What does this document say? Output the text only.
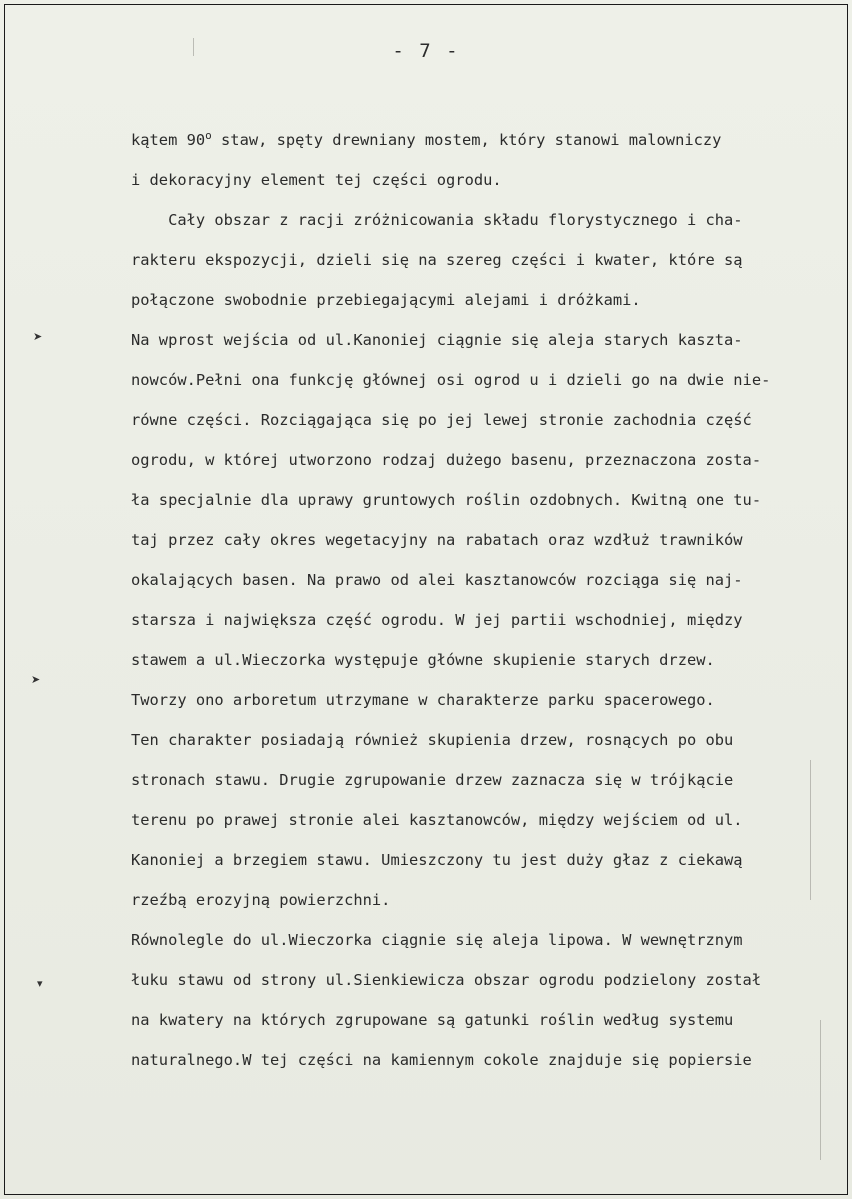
- 7 -
➤
➤
▾
kątem 90$^o$ staw, spęty drewniany mostem, który stanowi malowniczy
i dekoracyjny element tej części ogrodu.
Cały obszar z racji zróżnicowania składu florystycznego i cha-
rakteru ekspozycji, dzieli się na szereg części i kwater, które są
połączone swobodnie przebiegającymi alejami i dróżkami.
Na wprost wejścia od ul.Kanoniej ciągnie się aleja starych kaszta-
nowców.Pełni ona funkcję głównej osi ogrod u i dzieli go na dwie nie-
równe części. Rozciągająca się po jej lewej stronie zachodnia część
ogrodu, w której utworzono rodzaj dużego basenu, przeznaczona zosta-
ła specjalnie dla uprawy gruntowych roślin ozdobnych. Kwitną one tu-
taj przez cały okres wegetacyjny na rabatach oraz wzdłuż trawników
okalających basen. Na prawo od alei kasztanowców rozciąga się naj-
starsza i największa część ogrodu. W jej partii wschodniej, między
stawem a ul.Wieczorka występuje główne skupienie starych drzew.
Tworzy ono arboretum utrzymane w charakterze parku spacerowego.
Ten charakter posiadają również skupienia drzew, rosnących po obu
stronach stawu. Drugie zgrupowanie drzew zaznacza się w trójkącie
terenu po prawej stronie alei kasztanowców, między wejściem od ul.
Kanoniej a brzegiem stawu. Umieszczony tu jest duży głaz z ciekawą
rzeźbą erozyjną powierzchni.
Równolegle do ul.Wieczorka ciągnie się aleja lipowa. W wewnętrznym
łuku stawu od strony ul.Sienkiewicza obszar ogrodu podzielony został
na kwatery na których zgrupowane są gatunki roślin według systemu
naturalnego.W tej części na kamiennym cokole znajduje się popiersie
